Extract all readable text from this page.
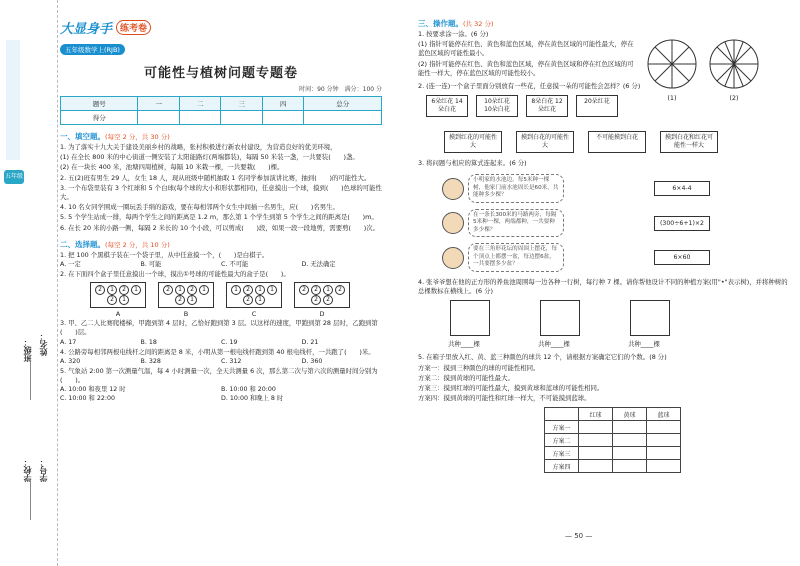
五年级
班级： 姓名：
学校： 学号：
大显身手 练考卷
五年级数学上(RJB)
可能性与植树问题专题卷
时间：90 分钟　满分：100 分
题号	一	二	三	四	总分
得分					
一、填空题。(每空 2 分，共 30 分)
1. 为了落实十九大关于建设美丽乡村的战略，张村积极进行新农村建设，为营造良好的优美环境，
(1) 在全长 800 米的中心街道一侧安装了太阳能路灯(两端都装)，每隔 50 米装一盏，一共要装(　　)盏。
(2) 在一块长 400 米，池塘四周植树，每隔 10 米栽一棵，一共要栽(　　)棵。
2. 五(2)班有男生 29 人，女生 18 人，现从班级中随机抽取 1 名同学参加演讲比赛，抽到(　　)的可能性大。
3. 一个布袋里装有 3 个红球和 5 个白球(每个球的大小和形状都相同)，任意摸出一个球，摸到(　　)色球的可能性大。
4. 10 名女同学围成一圈玩丢手绢的游戏，要在每相邻两个女生中间插一名男生，应(　　)名男生。
5. 5 个学生站成一排，每两个学生之间的距离是 1.2 m，那么第 1 个学生到第 5 个学生之间的距离是(　　)m。
6. 在长 20 米的小路一侧，每隔 2 米长的 10 个小段，可以剪成(　　)段，如果一段一段地剪，需要剪(　　)次。
二、选择题。(每空 2 分，共 10 分)
1. 把 100 个黑棋子装在一个袋子里，从中任意摸一个，(　　)是白棋子。
A. 一定	B. 可能	C. 不可能	D. 无法确定
2. 在下面四个盒子里任意摸出一个球，摸出①号球的可能性最大的盒子是(　　)。
2	1	2	1
2	1
2	1	2	1
2	1
1	2	1	1
2	1
2	2	1	2
2	2
A	B	C	D
3. 甲、乙二人比赛爬楼梯，甲跑到第 4 层时，乙恰好跑到第 3 层。以这样的速度，甲跑到第 28 层时，乙跑到第(　　)层。
A. 17	B. 18	C. 19	D. 21
4. 公路旁每相邻两根电线杆之间的距离是 8 米，小明从第一根电线杆跑到第 40 根电线杆，一共跑了(　　)米。
A. 320	B. 328	C. 312	D. 360
5. 气象站 2:00 第一次测量气温，每 4 小时测量一次，全天共测量 6 次，那么第二次与第六次的测量时间分别为(　　)。
A. 10:00 和夜里 12 时	B. 10:00 和 20:00
C. 10:00 和 22:00	D. 10:00 和晚上 8 时
三、操作题。(共 32 分)
1. 按要求涂一涂。(6 分)
(1) 指针可能停在红色、黄色和蓝色区域，停在黄色区域的可能性最大，停在蓝色区域的可能性最小。
(2) 指针可能停在红色、黄色和蓝色区域，停在黄色区域和停在红色区域的可能性一样大，停在蓝色区域的可能性较小。
(1)	(2)
2. (连一连)一个盒子里面分别放有一些花，任意摸一朵的可能性会怎样？(6 分)
6朵红花 14朵白花
10朵红花 10朵白花
8朵白花 12朵红花
20朵红花
摸到红花的可能性大
摸到白花的可能性大
不可能摸到白花	摸到白花和红花可能性一样大
3. 将问题与相应的算式连起来。(6 分)
小明家的水池边，每5米种一棵树，他家门前水池周长是60米，共能种多少棵？
6×4-4
在一条长300米的马路两旁，每隔5米种一棵，两端都种，一共要种多少棵？
(300÷6+1)×2
要在三角形花坛的周围上摆花，每个顶点上都摆一盆，每边摆6盆，一共要摆多少盆？
6×60
4. 张爷爷想在他的正方形的养鱼池周围每一边各种一行树，每行种 7 棵。请你帮他设计不同的种植方案(用"•"表示树)，并将种树的总棵数标在横线上。(6 分)
共种____棵	共种____棵	共种____棵
5. 在箱子里放入红、黄、蓝三种颜色的球共 12 个，请根据方案确定它们的个数。(8 分)
方案一：摸到三种颜色的球的可能性相同。
方案二：摸到黄球的可能性最大。
方案三：摸到红球的可能性最大，摸到黄球和蓝球的可能性相同。
方案四：摸到黄球的可能性和红球一样大，不可能摸到蓝球。
	红球	黄球	蓝球
方案一			
方案二			
方案三			
方案四			
— 50 —
